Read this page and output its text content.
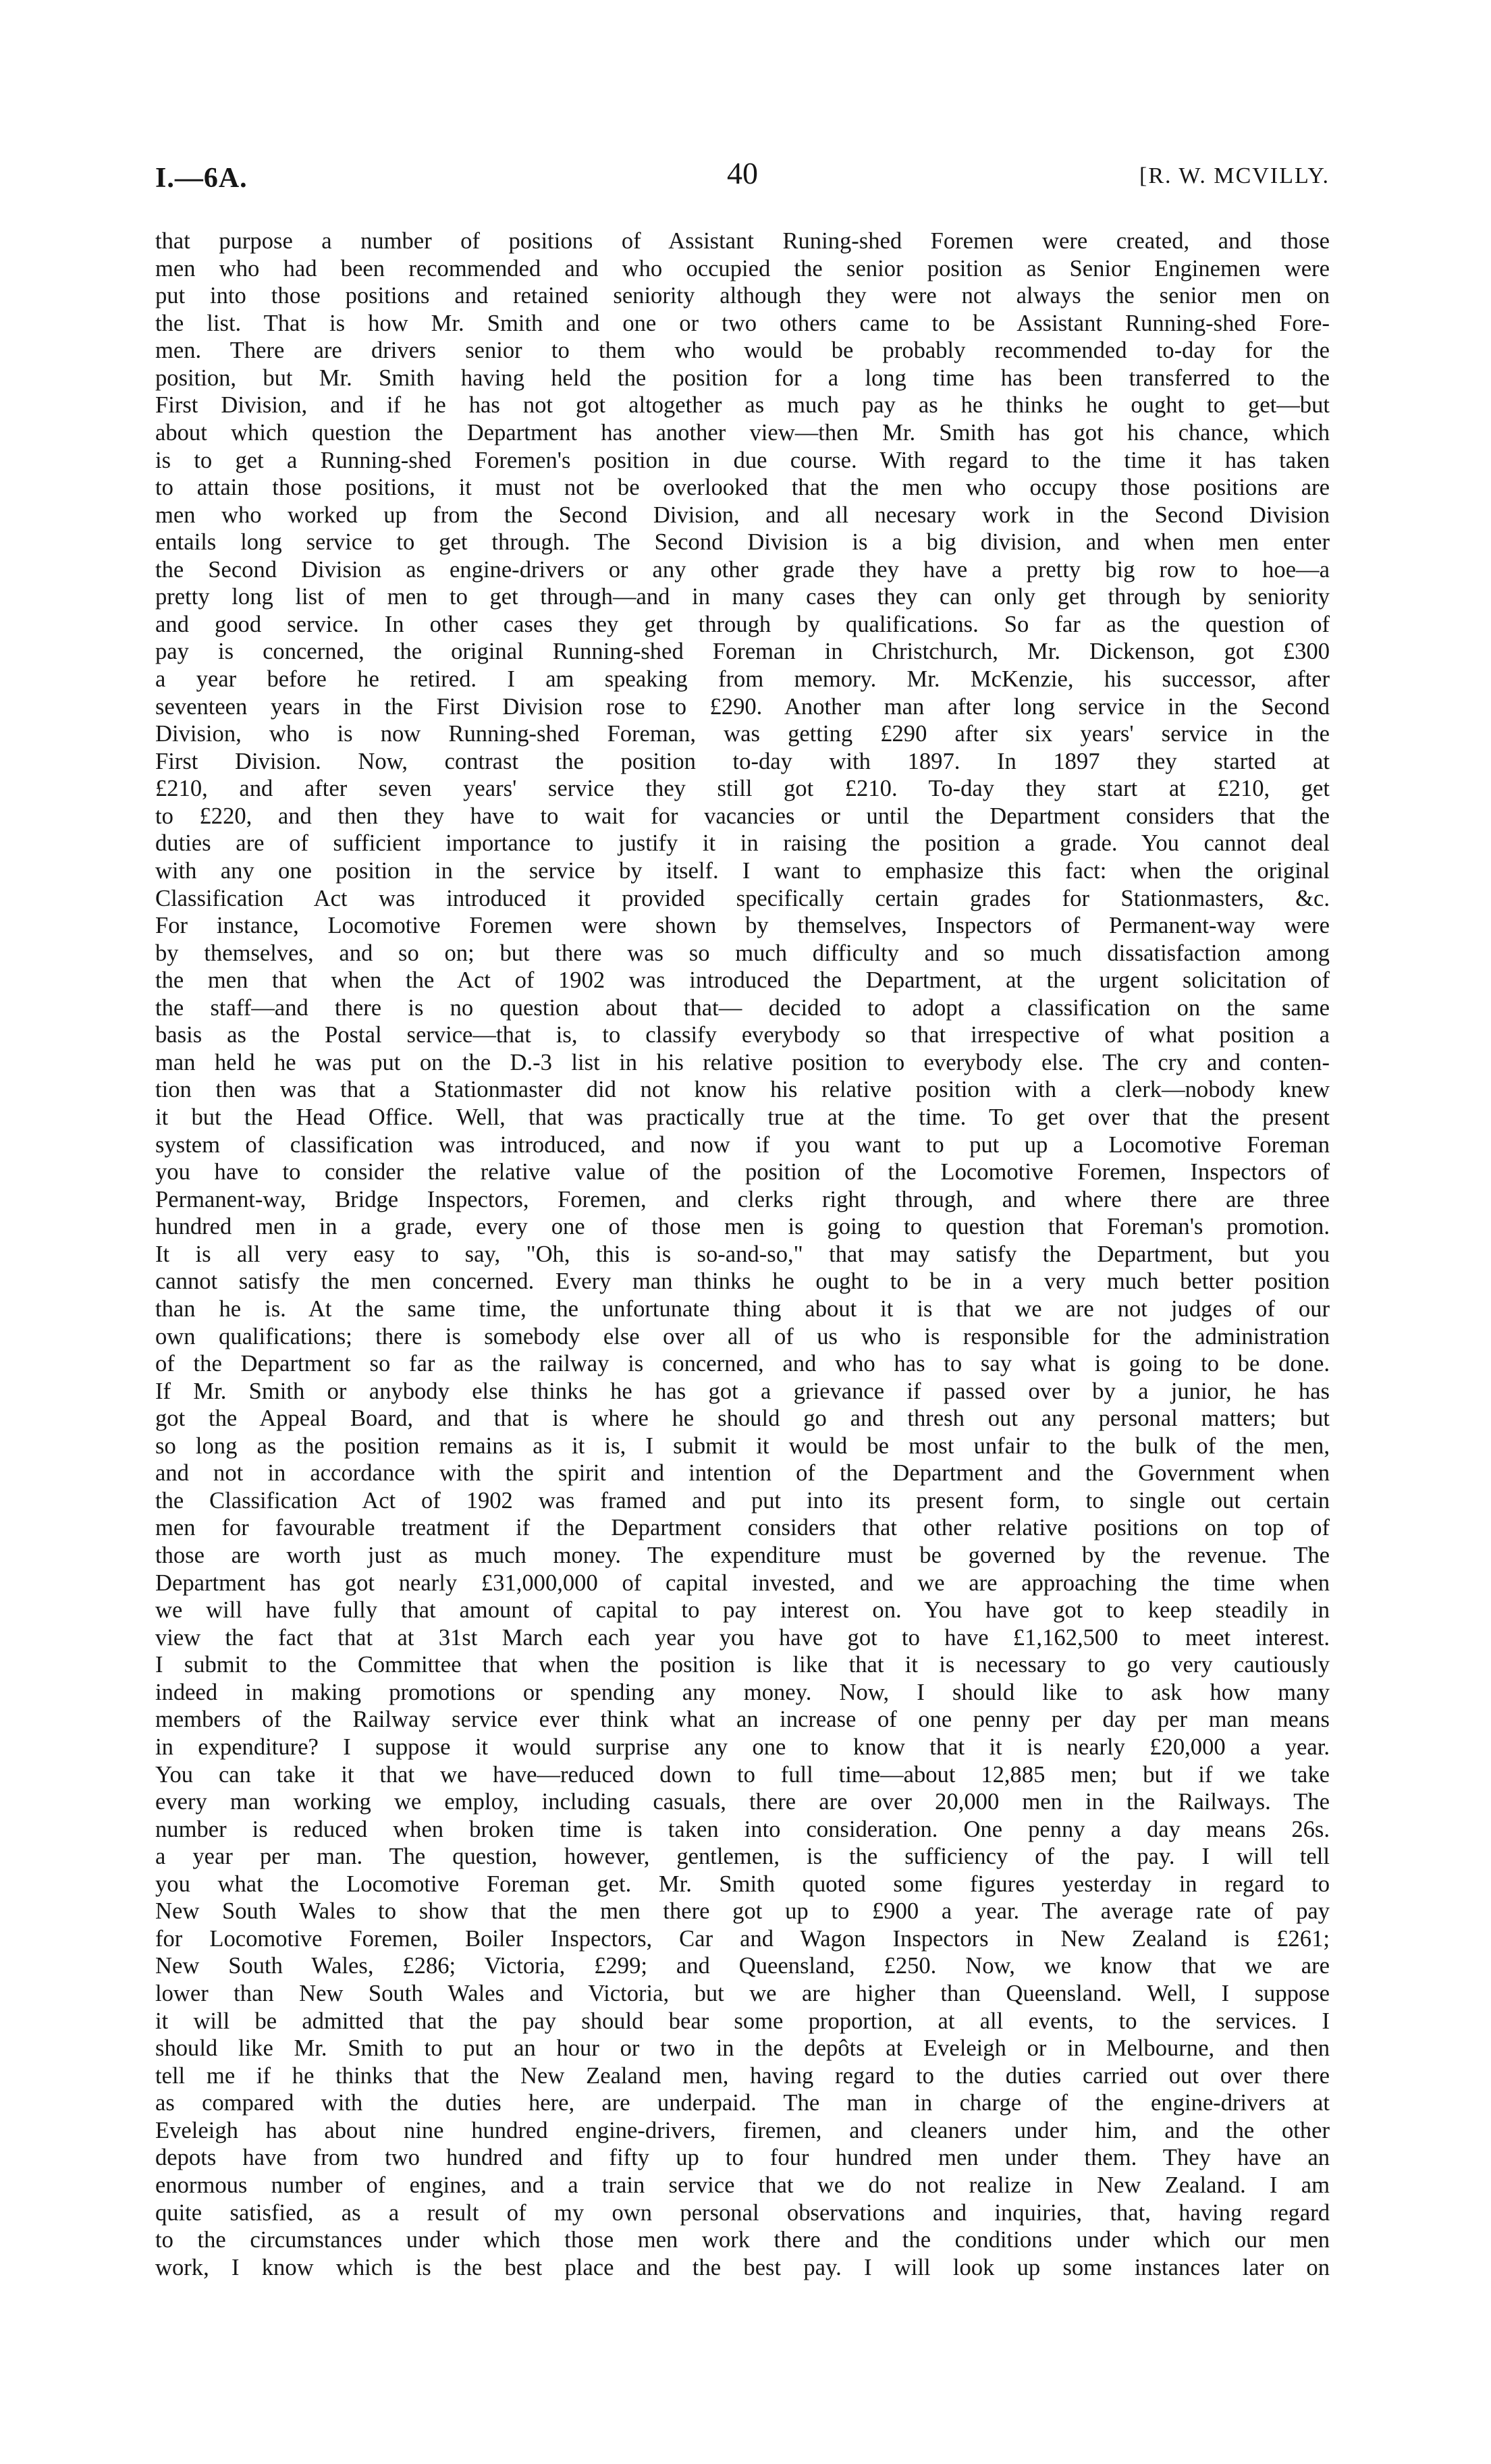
I.—6A.	40	[R. W. MCVILLY.
that purpose a number of positions of Assistant Runing-shed Foremen were created, and those
men who had been recommended and who occupied the senior position as Senior Enginemen were
put into those positions and retained seniority although they were not always the senior men on
the list. That is how Mr. Smith and one or two others came to be Assistant Running-shed Fore-
men. There are drivers senior to them who would be probably recommended to-day for the
position, but Mr. Smith having held the position for a long time has been transferred to the
First Division, and if he has not got altogether as much pay as he thinks he ought to get—but
about which question the Department has another view—then Mr. Smith has got his chance, which
is to get a Running-shed Foremen's position in due course. With regard to the time it has taken
to attain those positions, it must not be overlooked that the men who occupy those positions are
men who worked up from the Second Division, and all necesary work in the Second Division
entails long service to get through. The Second Division is a big division, and when men enter
the Second Division as engine-drivers or any other grade they have a pretty big row to hoe—a
pretty long list of men to get through—and in many cases they can only get through by seniority
and good service. In other cases they get through by qualifications. So far as the question of
pay is concerned, the original Running-shed Foreman in Christchurch, Mr. Dickenson, got £300
a year before he retired. I am speaking from memory. Mr. McKenzie, his successor, after
seventeen years in the First Division rose to £290. Another man after long service in the Second
Division, who is now Running-shed Foreman, was getting £290 after six years' service in the
First Division. Now, contrast the position to-day with 1897. In 1897 they started at
£210, and after seven years' service they still got £210. To-day they start at £210, get
to £220, and then they have to wait for vacancies or until the Department considers that the
duties are of sufficient importance to justify it in raising the position a grade. You cannot deal
with any one position in the service by itself. I want to emphasize this fact: when the original
Classification Act was introduced it provided specifically certain grades for Stationmasters, &c.
For instance, Locomotive Foremen were shown by themselves, Inspectors of Permanent-way were
by themselves, and so on; but there was so much difficulty and so much dissatisfaction among
the men that when the Act of 1902 was introduced the Department, at the urgent solicitation of
the staff—and there is no question about that— decided to adopt a classification on the same
basis as the Postal service—that is, to classify everybody so that irrespective of what position a
man held he was put on the D.-3 list in his relative position to everybody else. The cry and conten-
tion then was that a Stationmaster did not know his relative position with a clerk—nobody knew
it but the Head Office. Well, that was practically true at the time. To get over that the present
system of classification was introduced, and now if you want to put up a Locomotive Foreman
you have to consider the relative value of the position of the Locomotive Foremen, Inspectors of
Permanent-way, Bridge Inspectors, Foremen, and clerks right through, and where there are three
hundred men in a grade, every one of those men is going to question that Foreman's promotion.
It is all very easy to say, "Oh, this is so-and-so," that may satisfy the Department, but you
cannot satisfy the men concerned. Every man thinks he ought to be in a very much better position
than he is. At the same time, the unfortunate thing about it is that we are not judges of our
own qualifications; there is somebody else over all of us who is responsible for the administration
of the Department so far as the railway is concerned, and who has to say what is going to be done.
If Mr. Smith or anybody else thinks he has got a grievance if passed over by a junior, he has
got the Appeal Board, and that is where he should go and thresh out any personal matters; but
so long as the position remains as it is, I submit it would be most unfair to the bulk of the men,
and not in accordance with the spirit and intention of the Department and the Government when
the Classification Act of 1902 was framed and put into its present form, to single out certain
men for favourable treatment if the Department considers that other relative positions on top of
those are worth just as much money. The expenditure must be governed by the revenue. The
Department has got nearly £31,000,000 of capital invested, and we are approaching the time when
we will have fully that amount of capital to pay interest on. You have got to keep steadily in
view the fact that at 31st March each year you have got to have £1,162,500 to meet interest.
I submit to the Committee that when the position is like that it is necessary to go very cautiously
indeed in making promotions or spending any money. Now, I should like to ask how many
members of the Railway service ever think what an increase of one penny per day per man means
in expenditure? I suppose it would surprise any one to know that it is nearly £20,000 a year.
You can take it that we have—reduced down to full time—about 12,885 men; but if we take
every man working we employ, including casuals, there are over 20,000 men in the Railways. The
number is reduced when broken time is taken into consideration. One penny a day means 26s.
a year per man. The question, however, gentlemen, is the sufficiency of the pay. I will tell
you what the Locomotive Foreman get. Mr. Smith quoted some figures yesterday in regard to
New South Wales to show that the men there got up to £900 a year. The average rate of pay
for Locomotive Foremen, Boiler Inspectors, Car and Wagon Inspectors in New Zealand is £261;
New South Wales, £286; Victoria, £299; and Queensland, £250. Now, we know that we are
lower than New South Wales and Victoria, but we are higher than Queensland. Well, I suppose
it will be admitted that the pay should bear some proportion, at all events, to the services. I
should like Mr. Smith to put an hour or two in the depôts at Eveleigh or in Melbourne, and then
tell me if he thinks that the New Zealand men, having regard to the duties carried out over there
as compared with the duties here, are underpaid. The man in charge of the engine-drivers at
Eveleigh has about nine hundred engine-drivers, firemen, and cleaners under him, and the other
depots have from two hundred and fifty up to four hundred men under them. They have an
enormous number of engines, and a train service that we do not realize in New Zealand. I am
quite satisfied, as a result of my own personal observations and inquiries, that, having regard
to the circumstances under which those men work there and the conditions under which our men
work, I know which is the best place and the best pay. I will look up some instances later on
